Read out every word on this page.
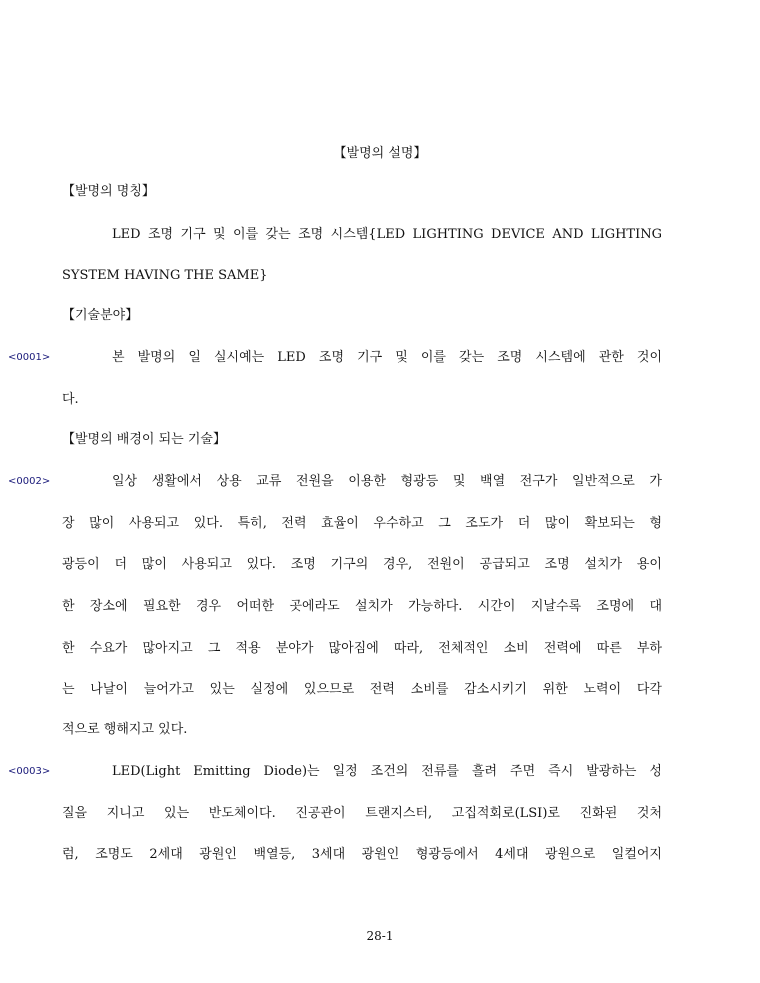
【발명의 설명】
【발명의 명칭】
LED 조명 기구 및 이를 갖는 조명 시스템{LED LIGHTING DEVICE AND LIGHTING
SYSTEM HAVING THE SAME}
【기술분야】
<0001>	본 발명의 일 실시예는 LED 조명 기구 및 이를 갖는 조명 시스템에 관한 것이
다.
【발명의 배경이 되는 기술】
<0002>	일상 생활에서 상용 교류 전원을 이용한 형광등 및 백열 전구가 일반적으로 가
장 많이 사용되고 있다. 특히, 전력 효율이 우수하고 그 조도가 더 많이 확보되는 형
광등이 더 많이 사용되고 있다. 조명 기구의 경우, 전원이 공급되고 조명 설치가 용이
한 장소에 필요한 경우 어떠한 곳에라도 설치가 가능하다. 시간이 지날수록 조명에 대
한 수요가 많아지고 그 적용 분야가 많아짐에 따라, 전체적인 소비 전력에 따른 부하
는 나날이 늘어가고 있는 실정에 있으므로 전력 소비를 감소시키기 위한 노력이 다각
적으로 행해지고 있다.
<0003>	LED(Light Emitting Diode)는 일정 조건의 전류를 흘려 주면 즉시 발광하는 성
질을 지니고 있는 반도체이다. 진공관이 트랜지스터, 고집적회로(LSI)로 진화된 것처
럼, 조명도 2세대 광원인 백열등, 3세대 광원인 형광등에서 4세대 광원으로 일컬어지
28-1
